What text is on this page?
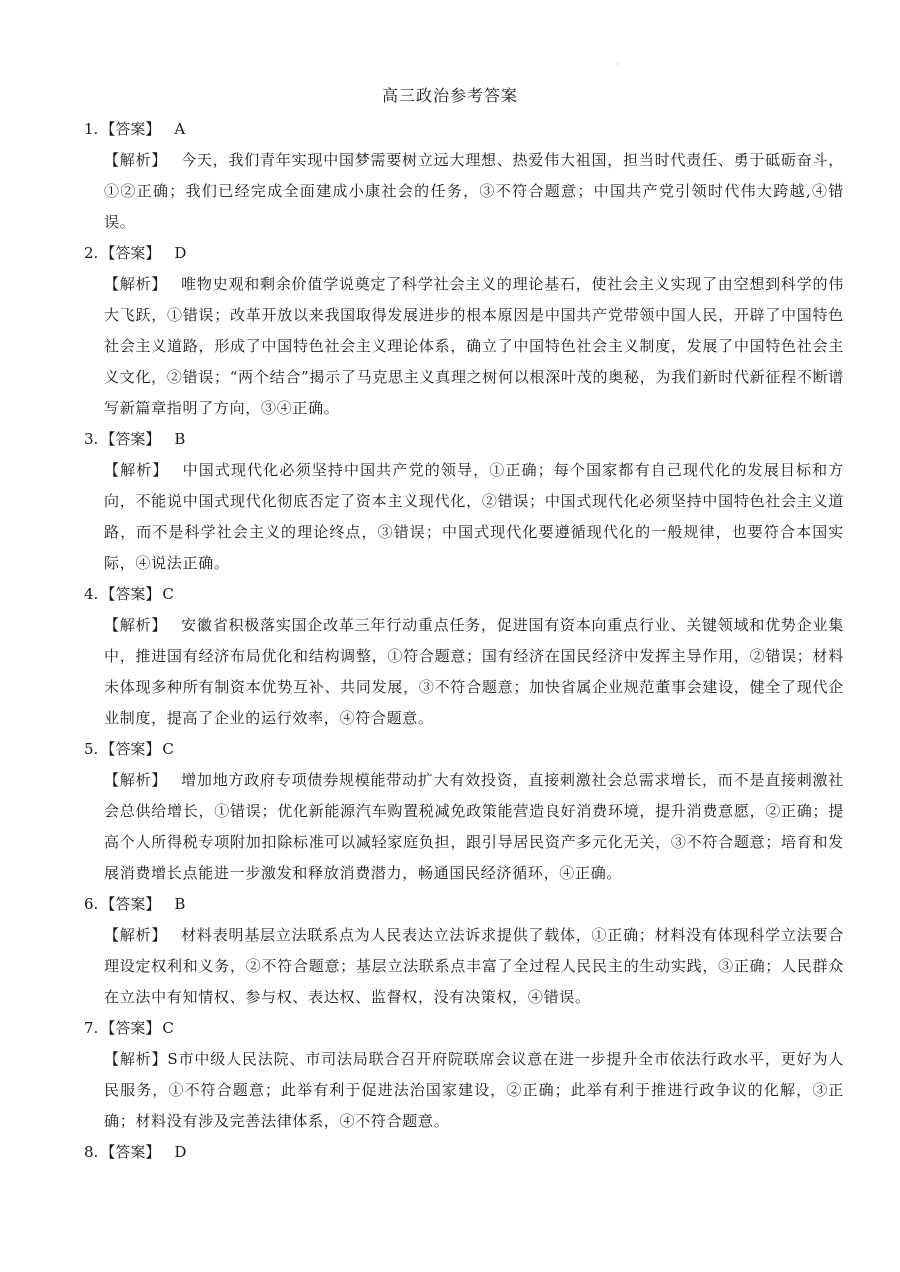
·
高三政治参考答案
1. 【答案】 A
【解析】 今天，我们青年实现中国梦需要树立远大理想、热爱伟大祖国，担当时代责任、勇于砥砺奋斗，①②正确；我们已经完成全面建成小康社会的任务，③不符合题意；中国共产党引领时代伟大跨越,④错误。
2. 【答案】 D
【解析】 唯物史观和剩余价值学说奠定了科学社会主义的理论基石，使社会主义实现了由空想到科学的伟大飞跃，①错误；改革开放以来我国取得发展进步的根本原因是中国共产党带领中国人民，开辟了中国特色社会主义道路，形成了中国特色社会主义理论体系，确立了中国特色社会主义制度，发展了中国特色社会主义文化，②错误；“两个结合”揭示了马克思主义真理之树何以根深叶茂的奥秘，为我们新时代新征程不断谱写新篇章指明了方向，③④正确。
3. 【答案】 B
【解析】 中国式现代化必须坚持中国共产党的领导，①正确；每个国家都有自己现代化的发展目标和方向，不能说中国式现代化彻底否定了资本主义现代化，②错误；中国式现代化必须坚持中国特色社会主义道路，而不是科学社会主义的理论终点，③错误；中国式现代化要遵循现代化的一般规律，也要符合本国实际，④说法正确。
4. 【答案】 C
【解析】 安徽省积极落实国企改革三年行动重点任务，促进国有资本向重点行业、关键领域和优势企业集中，推进国有经济布局优化和结构调整，①符合题意；国有经济在国民经济中发挥主导作用，②错误；材料未体现多种所有制资本优势互补、共同发展，③不符合题意；加快省属企业规范董事会建设，健全了现代企业制度，提高了企业的运行效率，④符合题意。
5. 【答案】 C
【解析】 增加地方政府专项债券规模能带动扩大有效投资，直接刺激社会总需求增长，而不是直接刺激社会总供给增长，①错误；优化新能源汽车购置税减免政策能营造良好消费环境，提升消费意愿，②正确；提高个人所得税专项附加扣除标准可以减轻家庭负担，跟引导居民资产多元化无关，③不符合题意；培育和发展消费增长点能进一步激发和释放消费潜力，畅通国民经济循环，④正确。
6. 【答案】 B
【解析】 材料表明基层立法联系点为人民表达立法诉求提供了载体，①正确；材料没有体现科学立法要合理设定权利和义务，②不符合题意；基层立法联系点丰富了全过程人民民主的生动实践，③正确；人民群众在立法中有知情权、参与权、表达权、监督权，没有决策权，④错误。
7. 【答案】 C
【解析】S市中级人民法院、市司法局联合召开府院联席会议意在进一步提升全市依法行政水平，更好为人民服务，①不符合题意；此举有利于促进法治国家建设，②正确；此举有利于推进行政争议的化解，③正确；材料没有涉及完善法律体系，④不符合题意。
8. 【答案】 D
